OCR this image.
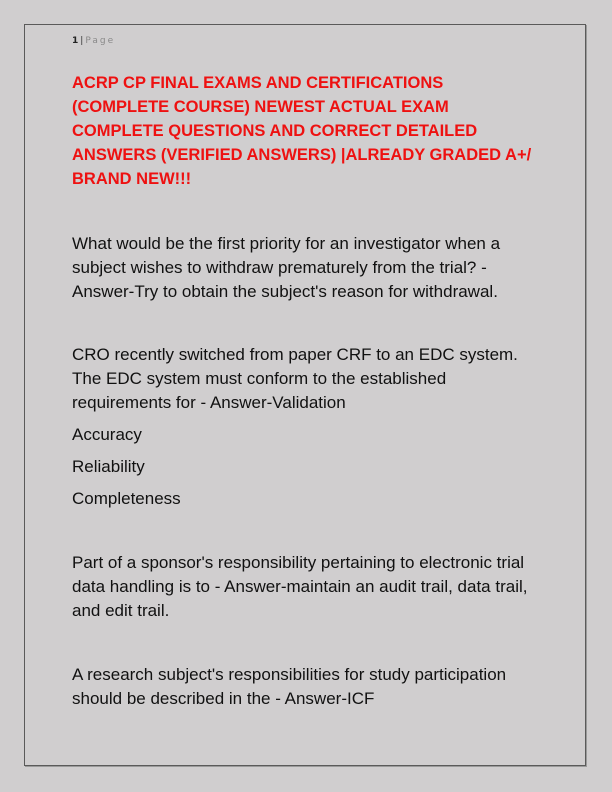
1 | Page
ACRP CP FINAL EXAMS AND CERTIFICATIONS (COMPLETE COURSE) NEWEST ACTUAL EXAM COMPLETE QUESTIONS AND CORRECT DETAILED ANSWERS (VERIFIED ANSWERS) |ALREADY GRADED A+/ BRAND NEW!!!

What would be the first priority for an investigator when a subject wishes to withdraw prematurely from the trial? - Answer-Try to obtain the subject's reason for withdrawal.

CRO recently switched from paper CRF to an EDC system. The EDC system must conform to the established requirements for - Answer-Validation

Accuracy

Reliability

Completeness

Part of a sponsor's responsibility pertaining to electronic trial data handling is to - Answer-maintain an audit trail, data trail, and edit trail.

A research subject's responsibilities for study participation should be described in the - Answer-ICF
